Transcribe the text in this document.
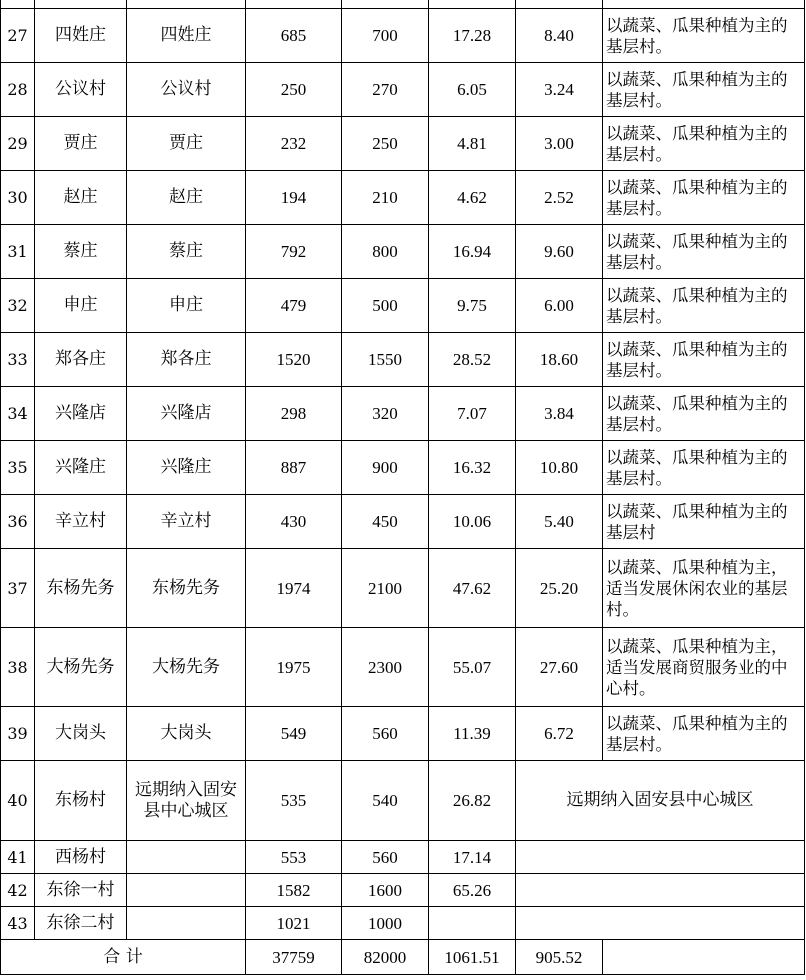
27	四姓庄	四姓庄	685	700	17.28	8.40	以蔬菜、瓜果种植为主的基层村。
28	公议村	公议村	250	270	6.05	3.24	以蔬菜、瓜果种植为主的基层村。
29	贾庄	贾庄	232	250	4.81	3.00	以蔬菜、瓜果种植为主的基层村。
30	赵庄	赵庄	194	210	4.62	2.52	以蔬菜、瓜果种植为主的基层村。
31	蔡庄	蔡庄	792	800	16.94	9.60	以蔬菜、瓜果种植为主的基层村。
32	申庄	申庄	479	500	9.75	6.00	以蔬菜、瓜果种植为主的基层村。
33	郑各庄	郑各庄	1520	1550	28.52	18.60	以蔬菜、瓜果种植为主的基层村。
34	兴隆店	兴隆店	298	320	7.07	3.84	以蔬菜、瓜果种植为主的基层村。
35	兴隆庄	兴隆庄	887	900	16.32	10.80	以蔬菜、瓜果种植为主的基层村。
36	辛立村	辛立村	430	450	10.06	5.40	以蔬菜、瓜果种植为主的基层村
37	东杨先务	东杨先务	1974	2100	47.62	25.20	以蔬菜、瓜果种植为主，适当发展休闲农业的基层村。
38	大杨先务	大杨先务	1975	2300	55.07	27.60	以蔬菜、瓜果种植为主，适当发展商贸服务业的中心村。
39	大岗头	大岗头	549	560	11.39	6.72	以蔬菜、瓜果种植为主的基层村。
40	东杨村	远期纳入固安县中心城区	535	540	26.82	远期纳入固安县中心城区	
41	西杨村		553	560	17.14		
42	东徐一村		1582	1600	65.26		
43	东徐二村		1021	1000			
合 计			37759	82000	1061.51	905.52	
